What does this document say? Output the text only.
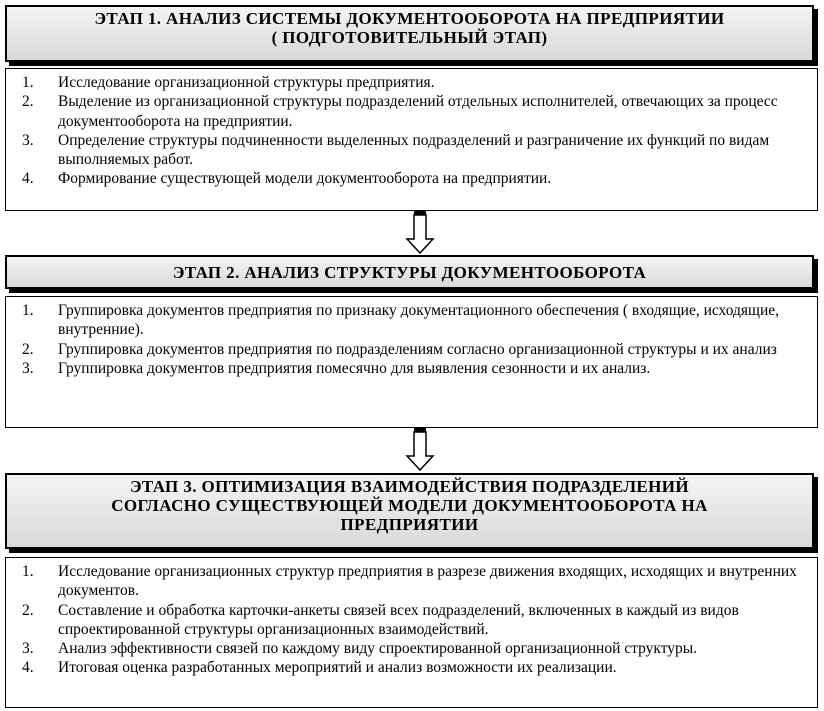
ЭТАП 1. АНАЛИЗ СИСТЕМЫ ДОКУМЕНТООБОРОТА НА ПРЕДПРИЯТИИ
( ПОДГОТОВИТЕЛЬНЫЙ ЭТАП)
1. Исследование организационной структуры предприятия.
2. Выделение из организационной структуры подразделений отдельных исполнителей, отвечающих за процесс документооборота на предприятии.
3. Определение структуры подчиненности выделенных подразделений и разграничение их функций по видам выполняемых работ.
4. Формирование существующей модели документооборота на предприятии.
ЭТАП 2. АНАЛИЗ СТРУКТУРЫ ДОКУМЕНТООБОРОТА
1. Группировка документов предприятия по признаку документационного обеспечения ( входящие, исходящие, внутренние).
2. Группировка документов предприятия по подразделениям согласно организационной структуры и их анализ
3. Группировка документов предприятия помесячно для выявления сезонности и их анализ.
ЭТАП 3. ОПТИМИЗАЦИЯ ВЗАИМОДЕЙСТВИЯ ПОДРАЗДЕЛЕНИЙ
СОГЛАСНО СУЩЕСТВУЮЩЕЙ МОДЕЛИ ДОКУМЕНТООБОРОТА НА
ПРЕДПРИЯТИИ
1. Исследование организационных структур предприятия в разрезе движения входящих, исходящих и внутренних документов.
2. Составление и обработка карточки-анкеты связей всех подразделений, включенных в каждый из видов спроектированной структуры организационных взаимодействий.
3. Анализ эффективности связей по каждому виду спроектированной организационной структуры.
4. Итоговая оценка разработанных мероприятий и анализ возможности их реализации.
